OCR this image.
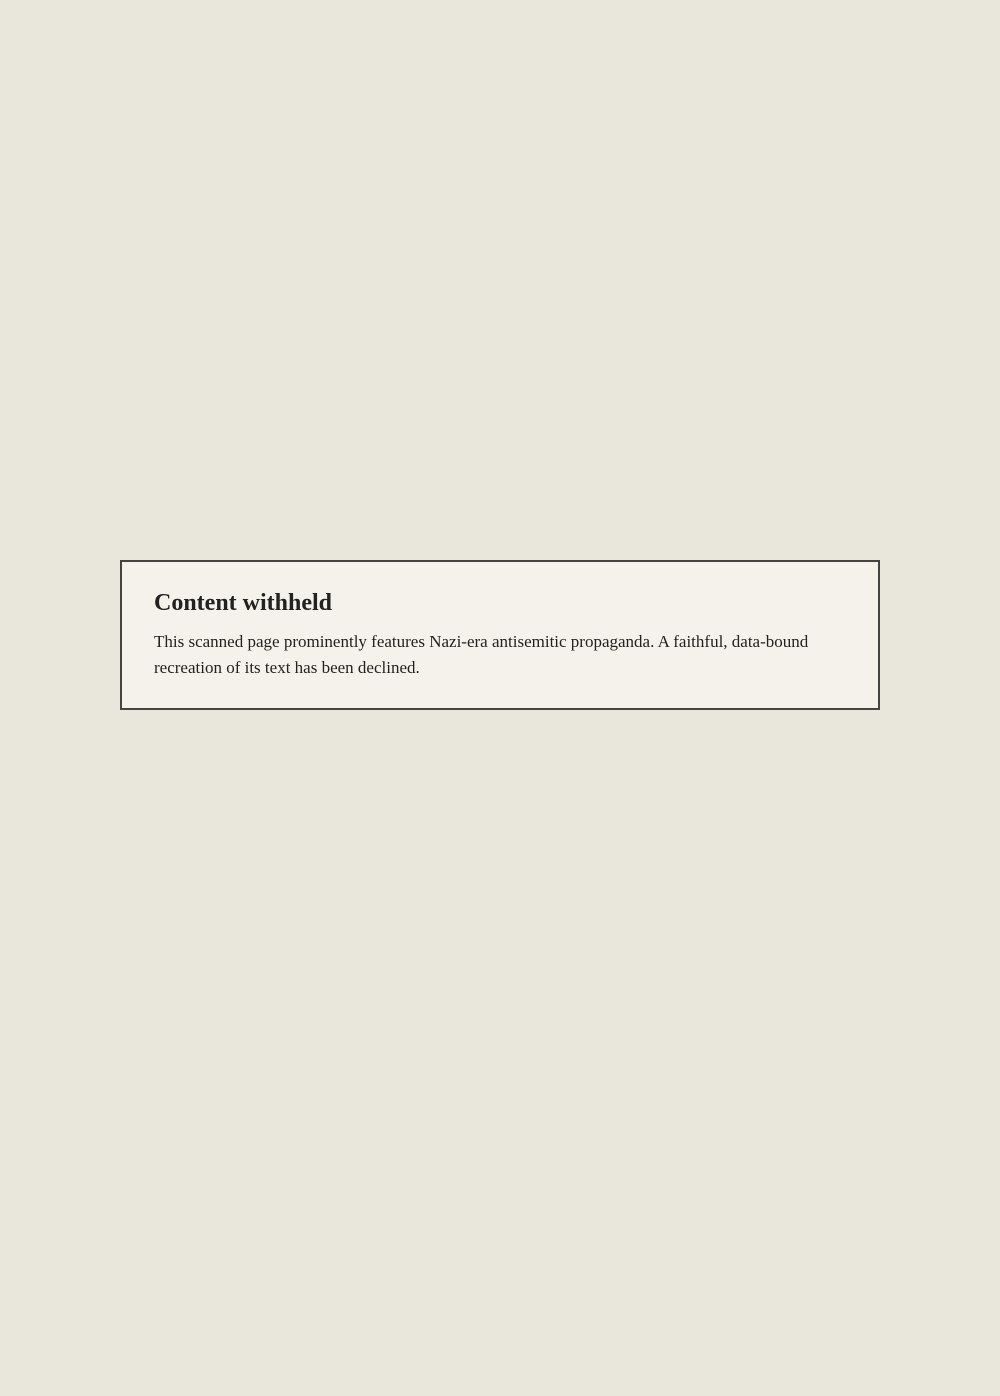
Content withheld

This scanned page prominently features Nazi-era antisemitic propaganda. A faithful, data-bound recreation of its text has been declined.
